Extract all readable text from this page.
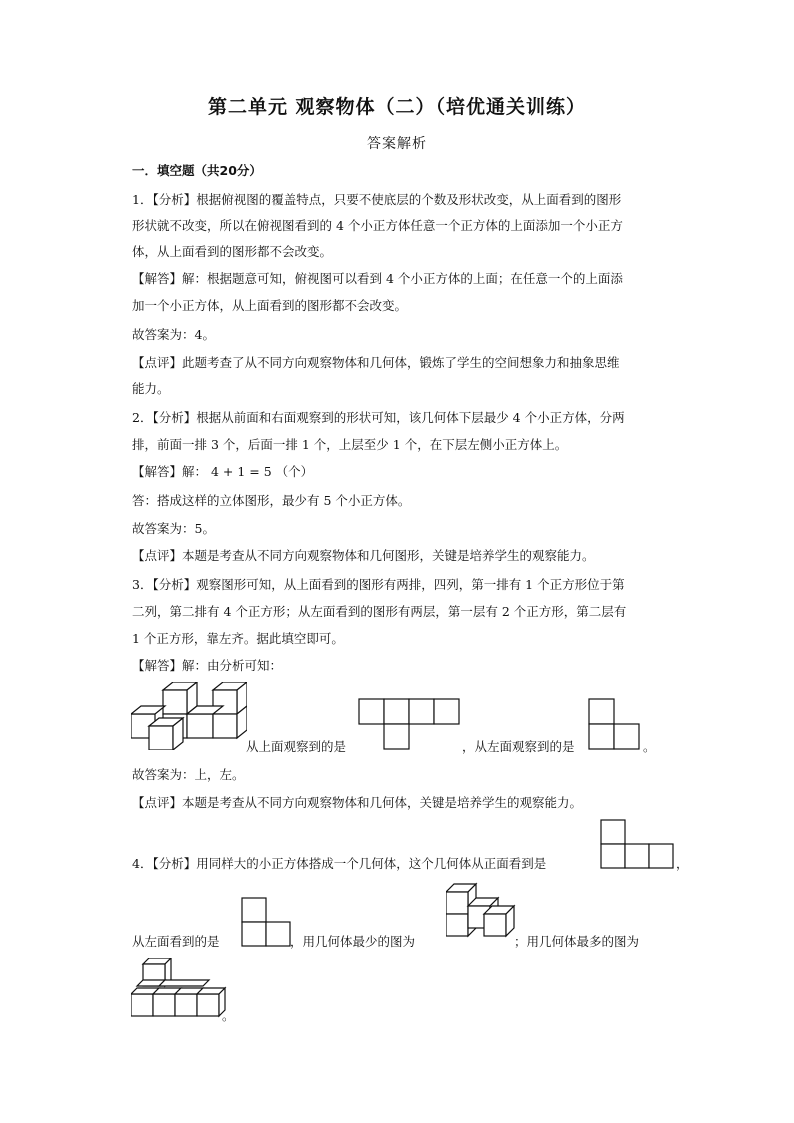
第二单元 观察物体（二）（培优通关训练）
答案解析
一．填空题（共20分）
1．【分析】根据俯视图的覆盖特点，只要不使底层的个数及形状改变，从上面看到的图形
形状就不改变，所以在俯视图看到的 4 个小正方体任意一个正方体的上面添加一个小正方
体，从上面看到的图形都不会改变。
【解答】解：根据题意可知，俯视图可以看到 4 个小正方体的上面；在任意一个的上面添
加一个小正方体，从上面看到的图形都不会改变。
故答案为：4。
【点评】此题考查了从不同方向观察物体和几何体，锻炼了学生的空间想象力和抽象思维
能力。
2．【分析】根据从前面和右面观察到的形状可知，该几何体下层最少 4 个小正方体，分两
排，前面一排 3 个，后面一排 1 个，上层至少 1 个，在下层左侧小正方体上。
【解答】解： 4 + 1 = 5 （个）
答：搭成这样的立体图形，最少有 5 个小正方体。
故答案为：5。
【点评】本题是考查从不同方向观察物体和几何图形，关键是培养学生的观察能力。
3．【分析】观察图形可知，从上面看到的图形有两排，四列，第一排有 1 个正方形位于第
二列，第二排有 4 个正方形；从左面看到的图形有两层，第一层有 2 个正方形，第二层有
1 个正方形，靠左齐。据此填空即可。
【解答】解：由分析可知：
从上面观察到的是	，从左面观察到的是	。
故答案为：上，左。
【点评】本题是考查从不同方向观察物体和几何体，关键是培养学生的观察能力。
4．【分析】用同样大的小正方体搭成一个几何体，这个几何体从正面看到是	，
从左面看到的是	，用几何体最少的图为	；用几何体最多的图为
。
